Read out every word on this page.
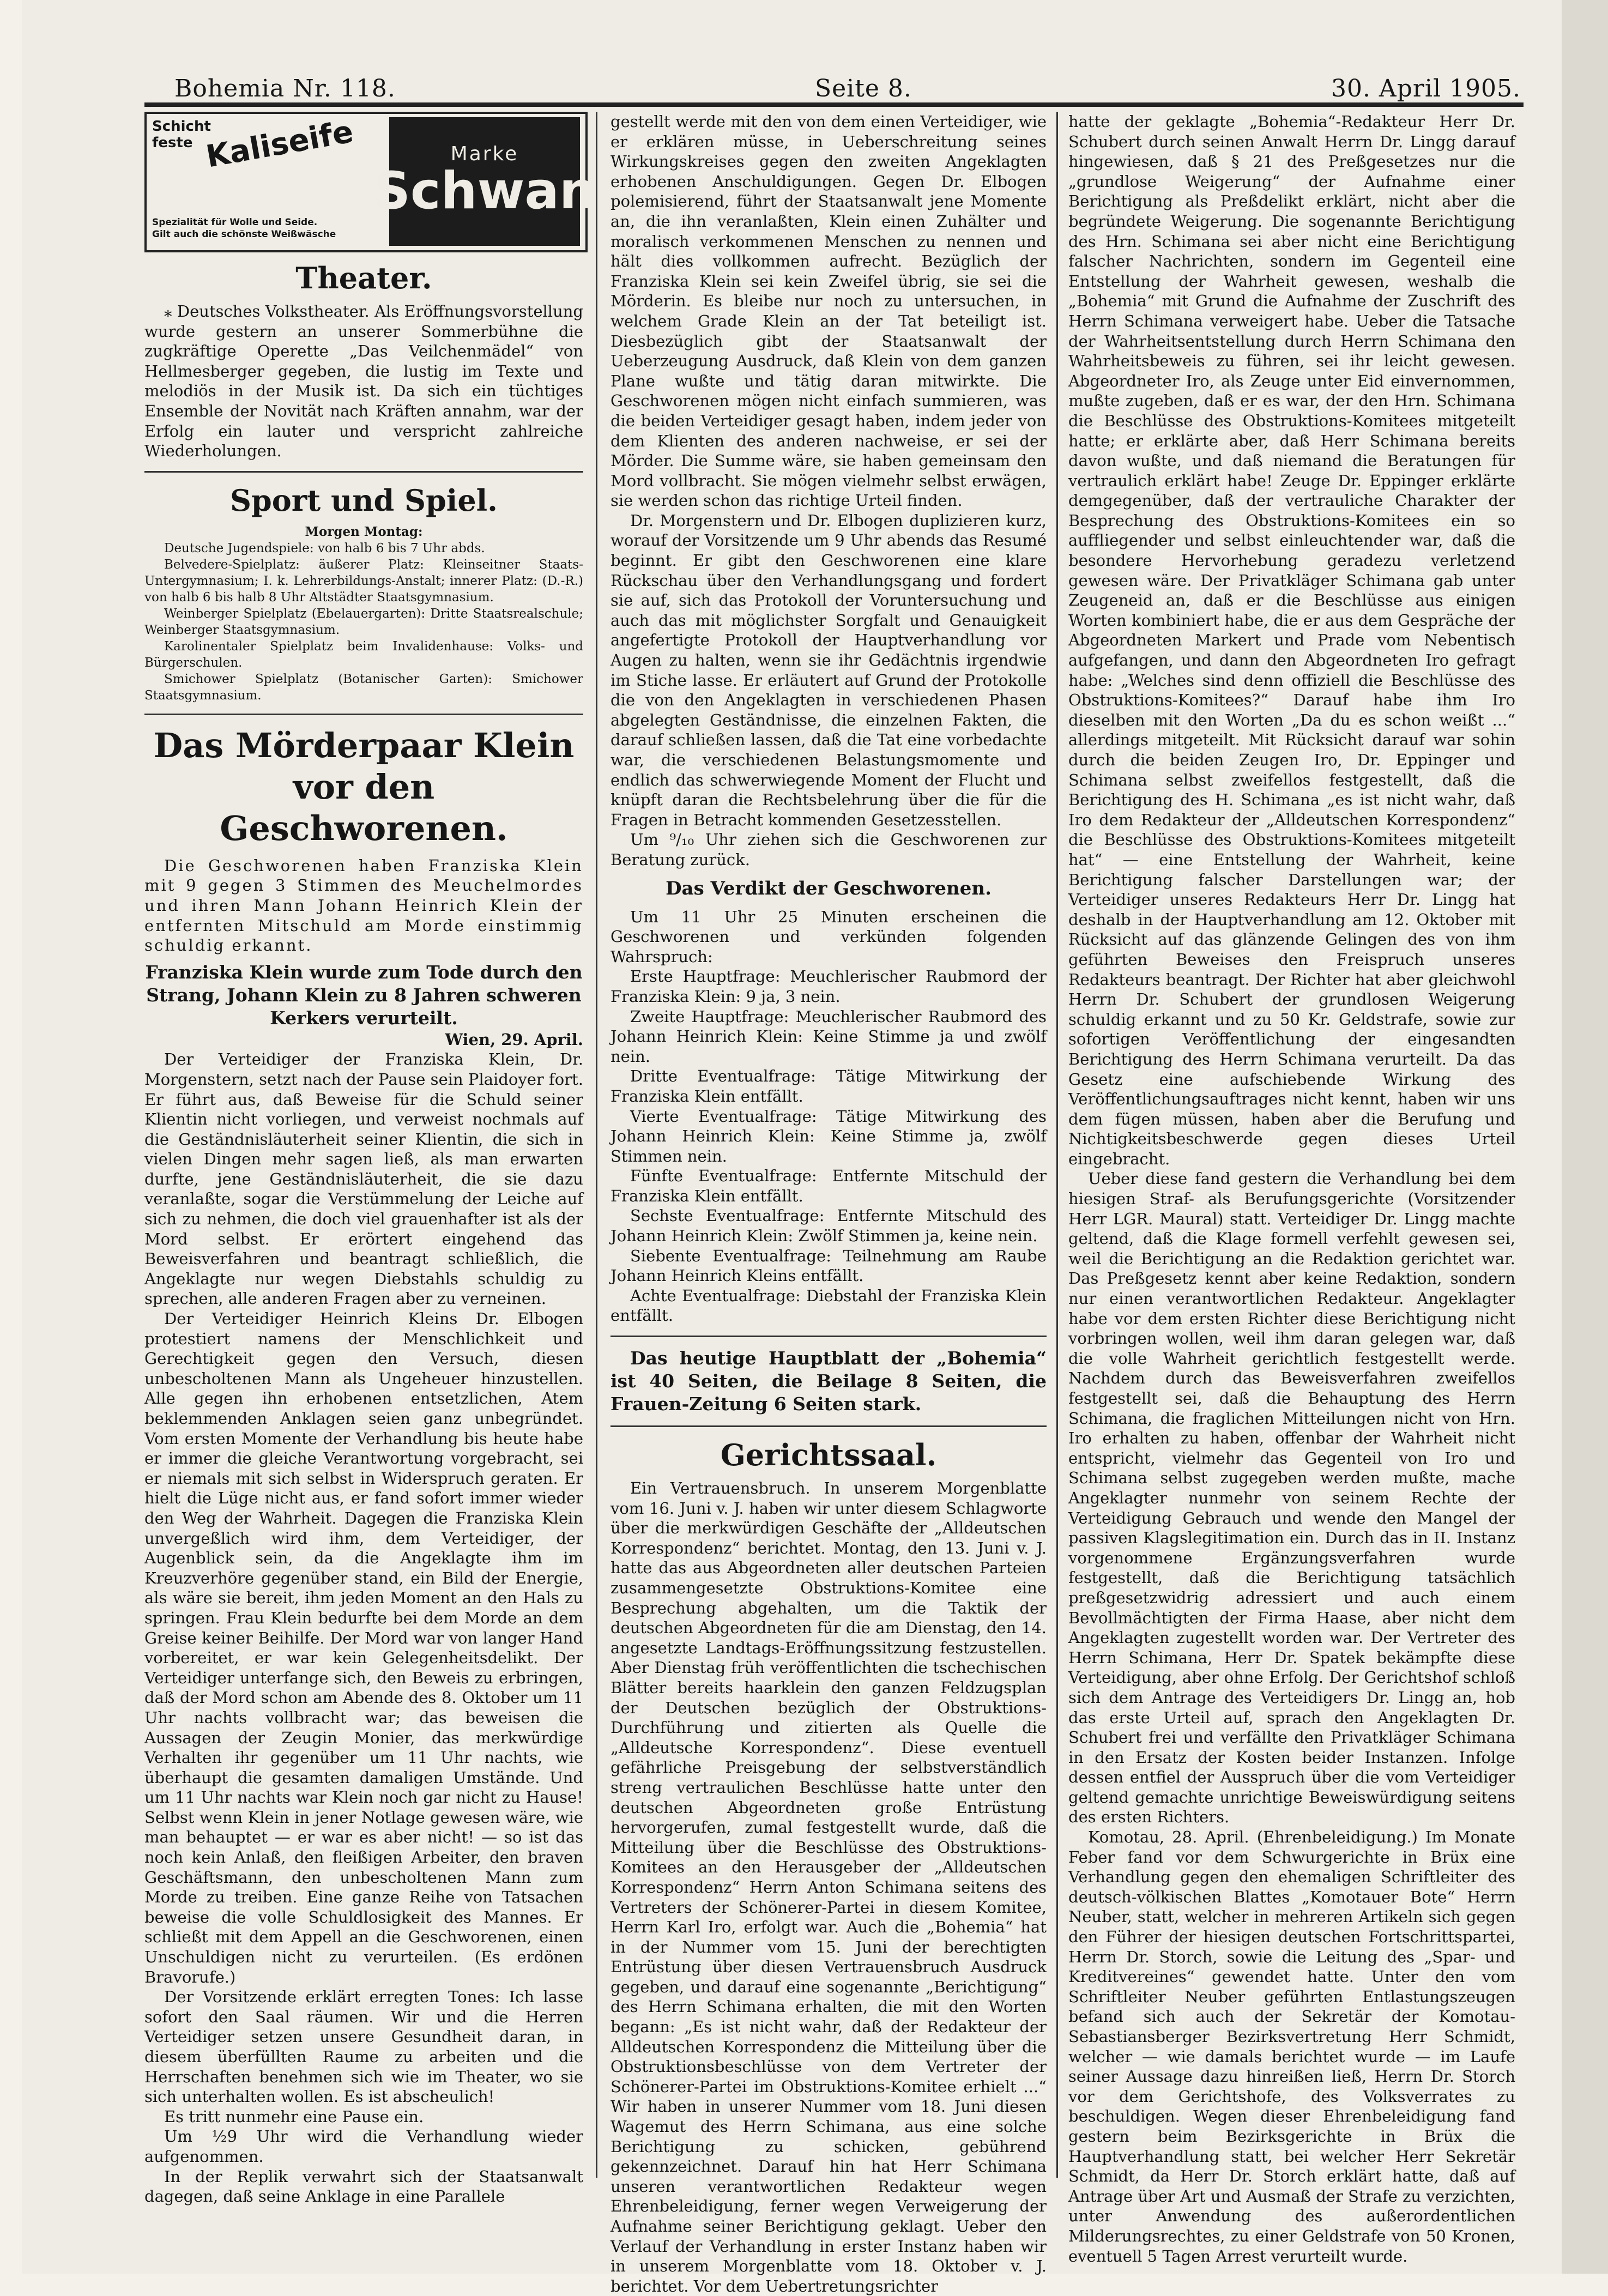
Bohemia Nr. 118.	Seite 8.	30. April 1905.
Schicht
feste Kaliseife
Spezialität für Wolle und Seide.
Gilt auch die schönste Weißwäsche
Marke
Schwan
Theater.

⁎ Deutsches Volkstheater. Als Eröffnungsvorstellung wurde gestern an unserer Sommerbühne die zugkräftige Operette „Das Veilchenmädel“ von Hellmesberger gegeben, die lustig im Texte und melodiös in der Musik ist. Da sich ein tüchtiges Ensemble der Novität nach Kräften annahm, war der Erfolg ein lauter und verspricht zahlreiche Wiederholungen.

Sport und Spiel.

Morgen Montag:

Deutsche Jugendspiele: von halb 6 bis 7 Uhr abds.

Belvedere-Spielplatz: äußerer Platz: Kleinseitner Staats-Untergymnasium; I. k. Lehrerbildungs-Anstalt; innerer Platz: (D.-R.) von halb 6 bis halb 8 Uhr Altstädter Staatsgymnasium.

Weinberger Spielplatz (Ebelauergarten): Dritte Staatsrealschule; Weinberger Staatsgymnasium.

Karolinentaler Spielplatz beim Invalidenhause: Volks- und Bürgerschulen.

Smichower Spielplatz (Botanischer Garten): Smichower Staatsgymnasium.

Das Mörderpaar Klein vor den Geschworenen.

Die Geschworenen haben Franziska Klein mit 9 gegen 3 Stimmen des Meuchelmordes und ihren Mann Johann Heinrich Klein der entfernten Mitschuld am Morde einstimmig schuldig erkannt.

Franziska Klein wurde zum Tode durch den Strang, Johann Klein zu 8 Jahren schweren Kerkers verurteilt.

Wien, 29. April.

Der Verteidiger der Franziska Klein, Dr. Morgenstern, setzt nach der Pause sein Plaidoyer fort. Er führt aus, daß Beweise für die Schuld seiner Klientin nicht vorliegen, und verweist nochmals auf die Geständnisläuterheit seiner Klientin, die sich in vielen Dingen mehr sagen ließ, als man erwarten durfte, jene Geständnisläuterheit, die sie dazu veranlaßte, sogar die Verstümmelung der Leiche auf sich zu nehmen, die doch viel grauenhafter ist als der Mord selbst. Er erörtert eingehend das Beweisverfahren und beantragt schließlich, die Angeklagte nur wegen Diebstahls schuldig zu sprechen, alle anderen Fragen aber zu verneinen.

Der Verteidiger Heinrich Kleins Dr. Elbogen protestiert namens der Menschlichkeit und Gerechtigkeit gegen den Versuch, diesen unbescholtenen Mann als Ungeheuer hinzustellen. Alle gegen ihn erhobenen entsetzlichen, Atem beklemmenden Anklagen seien ganz unbegründet. Vom ersten Momente der Verhandlung bis heute habe er immer die gleiche Verantwortung vorgebracht, sei er niemals mit sich selbst in Widerspruch geraten. Er hielt die Lüge nicht aus, er fand sofort immer wieder den Weg der Wahrheit. Dagegen die Franziska Klein unvergeßlich wird ihm, dem Verteidiger, der Augenblick sein, da die Angeklagte ihm im Kreuzverhöre gegenüber stand, ein Bild der Energie, als wäre sie bereit, ihm jeden Moment an den Hals zu springen. Frau Klein bedurfte bei dem Morde an dem Greise keiner Beihilfe. Der Mord war von langer Hand vorbereitet, er war kein Gelegenheitsdelikt. Der Verteidiger unterfange sich, den Beweis zu erbringen, daß der Mord schon am Abende des 8. Oktober um 11 Uhr nachts vollbracht war; das beweisen die Aussagen der Zeugin Monier, das merkwürdige Verhalten ihr gegenüber um 11 Uhr nachts, wie überhaupt die gesamten damaligen Umstände. Und um 11 Uhr nachts war Klein noch gar nicht zu Hause! Selbst wenn Klein in jener Notlage gewesen wäre, wie man behauptet — er war es aber nicht! — so ist das noch kein Anlaß, den fleißigen Arbeiter, den braven Geschäftsmann, den unbescholtenen Mann zum Morde zu treiben. Eine ganze Reihe von Tatsachen beweise die volle Schuldlosigkeit des Mannes. Er schließt mit dem Appell an die Geschworenen, einen Unschuldigen nicht zu verurteilen. (Es erdönen Bravorufe.)

Der Vorsitzende erklärt erregten Tones: Ich lasse sofort den Saal räumen. Wir und die Herren Verteidiger setzen unsere Gesundheit daran, in diesem überfüllten Raume zu arbeiten und die Herrschaften benehmen sich wie im Theater, wo sie sich unterhalten wollen. Es ist abscheulich!

Es tritt nunmehr eine Pause ein.

Um ½9 Uhr wird die Verhandlung wieder aufgenommen.

In der Replik verwahrt sich der Staatsanwalt dagegen, daß seine Anklage in eine Parallele

gestellt werde mit den von dem einen Verteidiger, wie er erklären müsse, in Ueberschreitung seines Wirkungskreises gegen den zweiten Angeklagten erhobenen Anschuldigungen. Gegen Dr. Elbogen polemisierend, führt der Staatsanwalt jene Momente an, die ihn veranlaßten, Klein einen Zuhälter und moralisch verkommenen Menschen zu nennen und hält dies vollkommen aufrecht. Bezüglich der Franziska Klein sei kein Zweifel übrig, sie sei die Mörderin. Es bleibe nur noch zu untersuchen, in welchem Grade Klein an der Tat beteiligt ist. Diesbezüglich gibt der Staatsanwalt der Ueberzeugung Ausdruck, daß Klein von dem ganzen Plane wußte und tätig daran mitwirkte. Die Geschworenen mögen nicht einfach summieren, was die beiden Verteidiger gesagt haben, indem jeder von dem Klienten des anderen nachweise, er sei der Mörder. Die Summe wäre, sie haben gemeinsam den Mord vollbracht. Sie mögen vielmehr selbst erwägen, sie werden schon das richtige Urteil finden.

Dr. Morgenstern und Dr. Elbogen duplizieren kurz, worauf der Vorsitzende um 9 Uhr abends das Resumé beginnt. Er gibt den Geschworenen eine klare Rückschau über den Verhandlungsgang und fordert sie auf, sich das Protokoll der Voruntersuchung und auch das mit möglichster Sorgfalt und Genauigkeit angefertigte Protokoll der Hauptverhandlung vor Augen zu halten, wenn sie ihr Gedächtnis irgendwie im Stiche lasse. Er erläutert auf Grund der Protokolle die von den Angeklagten in verschiedenen Phasen abgelegten Geständnisse, die einzelnen Fakten, die darauf schließen lassen, daß die Tat eine vorbedachte war, die verschiedenen Belastungsmomente und endlich das schwerwiegende Moment der Flucht und knüpft daran die Rechtsbelehrung über die für die Fragen in Betracht kommenden Gesetzesstellen.

Um ⁹/₁₀ Uhr ziehen sich die Geschworenen zur Beratung zurück.

Das Verdikt der Geschworenen.

Um 11 Uhr 25 Minuten erscheinen die Geschworenen und verkünden folgenden Wahrspruch:

Erste Hauptfrage: Meuchlerischer Raubmord der Franziska Klein: 9 ja, 3 nein.

Zweite Hauptfrage: Meuchlerischer Raubmord des Johann Heinrich Klein: Keine Stimme ja und zwölf nein.

Dritte Eventualfrage: Tätige Mitwirkung der Franziska Klein entfällt.

Vierte Eventualfrage: Tätige Mitwirkung des Johann Heinrich Klein: Keine Stimme ja, zwölf Stimmen nein.

Fünfte Eventualfrage: Entfernte Mitschuld der Franziska Klein entfällt.

Sechste Eventualfrage: Entfernte Mitschuld des Johann Heinrich Klein: Zwölf Stimmen ja, keine nein.

Siebente Eventualfrage: Teilnehmung am Raube Johann Heinrich Kleins entfällt.

Achte Eventualfrage: Diebstahl der Franziska Klein entfällt.

Das heutige Hauptblatt der „Bohemia“ ist 40 Seiten, die Beilage 8 Seiten, die Frauen-Zeitung 6 Seiten stark.

Gerichtssaal.

Ein Vertrauensbruch. In unserem Morgenblatte vom 16. Juni v. J. haben wir unter diesem Schlagworte über die merkwürdigen Geschäfte der „Alldeutschen Korrespondenz“ berichtet. Montag, den 13. Juni v. J. hatte das aus Abgeordneten aller deutschen Parteien zusammengesetzte Obstruktions-Komitee eine Besprechung abgehalten, um die Taktik der deutschen Abgeordneten für die am Dienstag, den 14. angesetzte Landtags-Eröffnungssitzung festzustellen. Aber Dienstag früh veröffentlichten die tschechischen Blätter bereits haarklein den ganzen Feldzugsplan der Deutschen bezüglich der Obstruktions-Durchführung und zitierten als Quelle die „Alldeutsche Korrespondenz“. Diese eventuell gefährliche Preisgebung der selbstverständlich streng vertraulichen Beschlüsse hatte unter den deutschen Abgeordneten große Entrüstung hervorgerufen, zumal festgestellt wurde, daß die Mitteilung über die Beschlüsse des Obstruktions-Komitees an den Herausgeber der „Alldeutschen Korrespondenz“ Herrn Anton Schimana seitens des Vertreters der Schönerer-Partei in diesem Komitee, Herrn Karl Iro, erfolgt war. Auch die „Bohemia“ hat in der Nummer vom 15. Juni der berechtigten Entrüstung über diesen Vertrauensbruch Ausdruck gegeben, und darauf eine sogenannte „Berichtigung“ des Herrn Schimana erhalten, die mit den Worten begann: „Es ist nicht wahr, daß der Redakteur der Alldeutschen Korrespondenz die Mitteilung über die Obstruktionsbeschlüsse von dem Vertreter der Schönerer-Partei im Obstruktions-Komitee erhielt ...“ Wir haben in unserer Nummer vom 18. Juni diesen Wagemut des Herrn Schimana, aus eine solche Berichtigung zu schicken, gebührend gekennzeichnet. Darauf hin hat Herr Schimana unseren verantwortlichen Redakteur wegen Ehrenbeleidigung, ferner wegen Verweigerung der Aufnahme seiner Berichtigung geklagt. Ueber den Verlauf der Verhandlung in erster Instanz haben wir in unserem Morgenblatte vom 18. Oktober v. J. berichtet. Vor dem Uebertretungsrichter

hatte der geklagte „Bohemia“-Redakteur Herr Dr. Schubert durch seinen Anwalt Herrn Dr. Lingg darauf hingewiesen, daß § 21 des Preßgesetzes nur die „grundlose Weigerung“ der Aufnahme einer Berichtigung als Preßdelikt erklärt, nicht aber die begründete Weigerung. Die sogenannte Berichtigung des Hrn. Schimana sei aber nicht eine Berichtigung falscher Nachrichten, sondern im Gegenteil eine Entstellung der Wahrheit gewesen, weshalb die „Bohemia“ mit Grund die Aufnahme der Zuschrift des Herrn Schimana verweigert habe. Ueber die Tatsache der Wahrheitsentstellung durch Herrn Schimana den Wahrheitsbeweis zu führen, sei ihr leicht gewesen. Abgeordneter Iro, als Zeuge unter Eid einvernommen, mußte zugeben, daß er es war, der den Hrn. Schimana die Beschlüsse des Obstruktions-Komitees mitgeteilt hatte; er erklärte aber, daß Herr Schimana bereits davon wußte, und daß niemand die Beratungen für vertraulich erklärt habe! Zeuge Dr. Eppinger erklärte demgegenüber, daß der vertrauliche Charakter der Besprechung des Obstruktions-Komitees ein so auffliegender und selbst einleuchtender war, daß die besondere Hervorhebung geradezu verletzend gewesen wäre. Der Privatkläger Schimana gab unter Zeugeneid an, daß er die Beschlüsse aus einigen Worten kombiniert habe, die er aus dem Gespräche der Abgeordneten Markert und Prade vom Nebentisch aufgefangen, und dann den Abgeordneten Iro gefragt habe: „Welches sind denn offiziell die Beschlüsse des Obstruktions-Komitees?“ Darauf habe ihm Iro dieselben mit den Worten „Da du es schon weißt ...“ allerdings mitgeteilt. Mit Rücksicht darauf war sohin durch die beiden Zeugen Iro, Dr. Eppinger und Schimana selbst zweifellos festgestellt, daß die Berichtigung des H. Schimana „es ist nicht wahr, daß Iro dem Redakteur der „Alldeutschen Korrespondenz“ die Beschlüsse des Obstruktions-Komitees mitgeteilt hat“ — eine Entstellung der Wahrheit, keine Berichtigung falscher Darstellungen war; der Verteidiger unseres Redakteurs Herr Dr. Lingg hat deshalb in der Hauptverhandlung am 12. Oktober mit Rücksicht auf das glänzende Gelingen des von ihm geführten Beweises den Freispruch unseres Redakteurs beantragt. Der Richter hat aber gleichwohl Herrn Dr. Schubert der grundlosen Weigerung schuldig erkannt und zu 50 Kr. Geldstrafe, sowie zur sofortigen Veröffentlichung der eingesandten Berichtigung des Herrn Schimana verurteilt. Da das Gesetz eine aufschiebende Wirkung des Veröffentlichungsauftrages nicht kennt, haben wir uns dem fügen müssen, haben aber die Berufung und Nichtigkeitsbeschwerde gegen dieses Urteil eingebracht.

Ueber diese fand gestern die Verhandlung bei dem hiesigen Straf- als Berufungsgerichte (Vorsitzender Herr LGR. Maural) statt. Verteidiger Dr. Lingg machte geltend, daß die Klage formell verfehlt gewesen sei, weil die Berichtigung an die Redaktion gerichtet war. Das Preßgesetz kennt aber keine Redaktion, sondern nur einen verantwortlichen Redakteur. Angeklagter habe vor dem ersten Richter diese Berichtigung nicht vorbringen wollen, weil ihm daran gelegen war, daß die volle Wahrheit gerichtlich festgestellt werde. Nachdem durch das Beweisverfahren zweifellos festgestellt sei, daß die Behauptung des Herrn Schimana, die fraglichen Mitteilungen nicht von Hrn. Iro erhalten zu haben, offenbar der Wahrheit nicht entspricht, vielmehr das Gegenteil von Iro und Schimana selbst zugegeben werden mußte, mache Angeklagter nunmehr von seinem Rechte der Verteidigung Gebrauch und wende den Mangel der passiven Klagslegitimation ein. Durch das in II. Instanz vorgenommene Ergänzungsverfahren wurde festgestellt, daß die Berichtigung tatsächlich preßgesetzwidrig adressiert und auch einem Bevollmächtigten der Firma Haase, aber nicht dem Angeklagten zugestellt worden war. Der Vertreter des Herrn Schimana, Herr Dr. Spatek bekämpfte diese Verteidigung, aber ohne Erfolg. Der Gerichtshof schloß sich dem Antrage des Verteidigers Dr. Lingg an, hob das erste Urteil auf, sprach den Angeklagten Dr. Schubert frei und verfällte den Privatkläger Schimana in den Ersatz der Kosten beider Instanzen. Infolge dessen entfiel der Ausspruch über die vom Verteidiger geltend gemachte unrichtige Beweiswürdigung seitens des ersten Richters.

Komotau, 28. April. (Ehrenbeleidigung.) Im Monate Feber fand vor dem Schwurgerichte in Brüx eine Verhandlung gegen den ehemaligen Schriftleiter des deutsch-völkischen Blattes „Komotauer Bote“ Herrn Neuber, statt, welcher in mehreren Artikeln sich gegen den Führer der hiesigen deutschen Fortschrittspartei, Herrn Dr. Storch, sowie die Leitung des „Spar- und Kreditvereines“ gewendet hatte. Unter den vom Schriftleiter Neuber geführten Entlastungszeugen befand sich auch der Sekretär der Komotau-Sebastiansberger Bezirksvertretung Herr Schmidt, welcher — wie damals berichtet wurde — im Laufe seiner Aussage dazu hinreißen ließ, Herrn Dr. Storch vor dem Gerichtshofe, des Volksverrates zu beschuldigen. Wegen dieser Ehrenbeleidigung fand gestern beim Bezirksgerichte in Brüx die Hauptverhandlung statt, bei welcher Herr Sekretär Schmidt, da Herr Dr. Storch erklärt hatte, daß auf Antrage über Art und Ausmaß der Strafe zu verzichten, unter Anwendung des außerordentlichen Milderungsrechtes, zu einer Geldstrafe von 50 Kronen, eventuell 5 Tagen Arrest verurteilt wurde.
